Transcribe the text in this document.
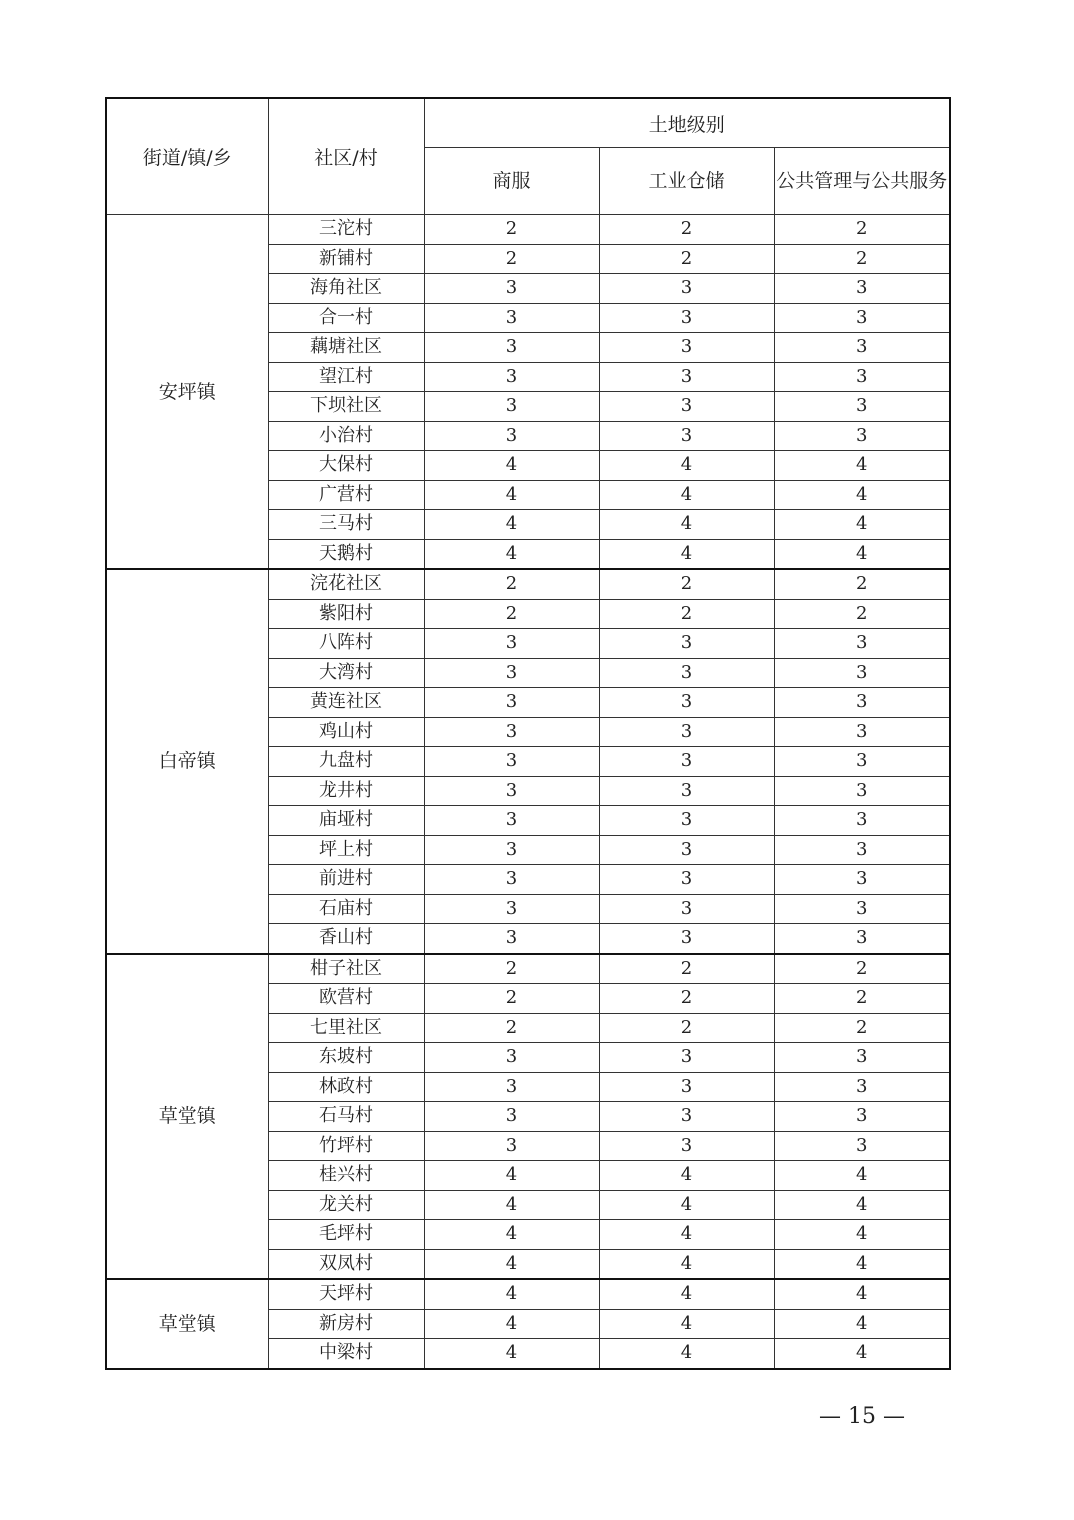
街道/镇/乡	社区/村	土地级别		
		商服	工业仓储	公共管理与公共服务
安坪镇	三沱村	2	2	2
	新铺村	2	2	2
	海角社区	3	3	3
	合一村	3	3	3
	藕塘社区	3	3	3
	望江村	3	3	3
	下坝社区	3	3	3
	小治村	3	3	3
	大保村	4	4	4
	广营村	4	4	4
	三马村	4	4	4
	天鹅村	4	4	4
白帝镇	浣花社区	2	2	2
	紫阳村	2	2	2
	八阵村	3	3	3
	大湾村	3	3	3
	黄连社区	3	3	3
	鸡山村	3	3	3
	九盘村	3	3	3
	龙井村	3	3	3
	庙垭村	3	3	3
	坪上村	3	3	3
	前进村	3	3	3
	石庙村	3	3	3
	香山村	3	3	3
草堂镇	柑子社区	2	2	2
	欧营村	2	2	2
	七里社区	2	2	2
	东坡村	3	3	3
	林政村	3	3	3
	石马村	3	3	3
	竹坪村	3	3	3
	桂兴村	4	4	4
	龙关村	4	4	4
	毛坪村	4	4	4
	双凤村	4	4	4
草堂镇	天坪村	4	4	4
	新房村	4	4	4
	中梁村	4	4	4
— 15 —
